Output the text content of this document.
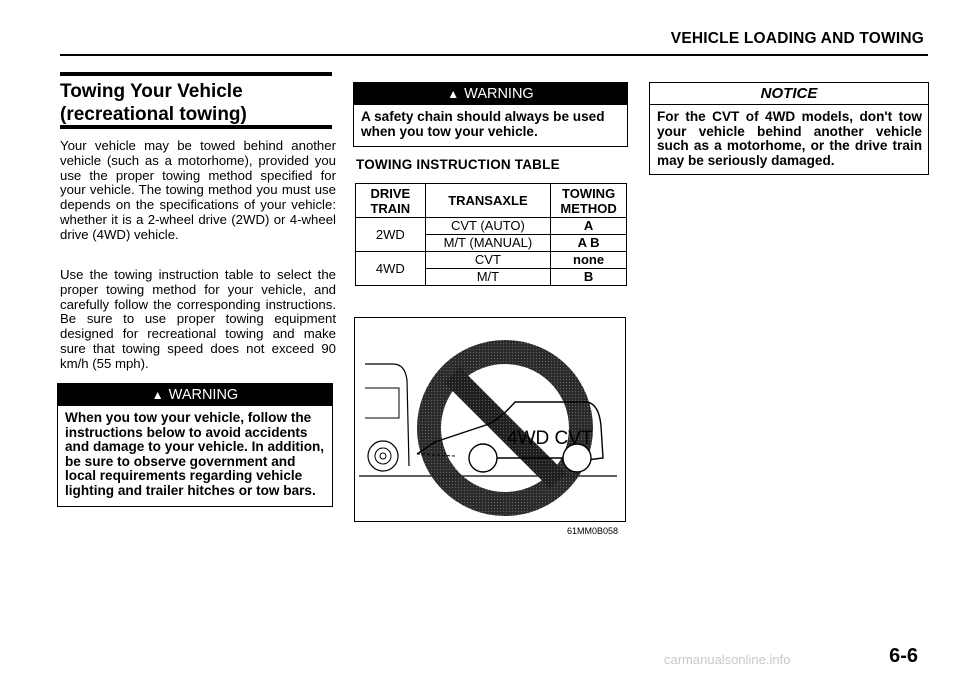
VEHICLE LOADING AND TOWING
Towing Your Vehicle
(recreational towing)
Your vehicle may be towed behind another vehicle (such as a motorhome), provided you use the proper towing method specified for your vehicle. The towing method you must use depends on the specifications of your vehicle: whether it is a 2-wheel drive (2WD) or 4-wheel drive (4WD) vehicle.
Use the towing instruction table to select the proper towing method for your vehicle, and carefully follow the corresponding instructions. Be sure to use proper towing equipment designed for recreational towing and make sure that towing speed does not exceed 90 km/h (55 mph).
▲ WARNING
When you tow your vehicle, follow the instructions below to avoid accidents and damage to your vehicle. In addition, be sure to observe government and local requirements regarding vehicle lighting and trailer hitches or tow bars.
▲ WARNING
A safety chain should always be used when you tow your vehicle.
TOWING INSTRUCTION TABLE
DRIVE TRAIN	TRANSAXLE	TOWING METHOD
2WD	CVT (AUTO)	A
	M/T (MANUAL)	A B
4WD	CVT	none
	M/T	B
4WD CVT
61MM0B058
NOTICE
For the CVT of 4WD models, don't tow your vehicle behind another vehicle such as a motorhome, or the drive train may be seriously damaged.
6-6
carmanualsonline.info
